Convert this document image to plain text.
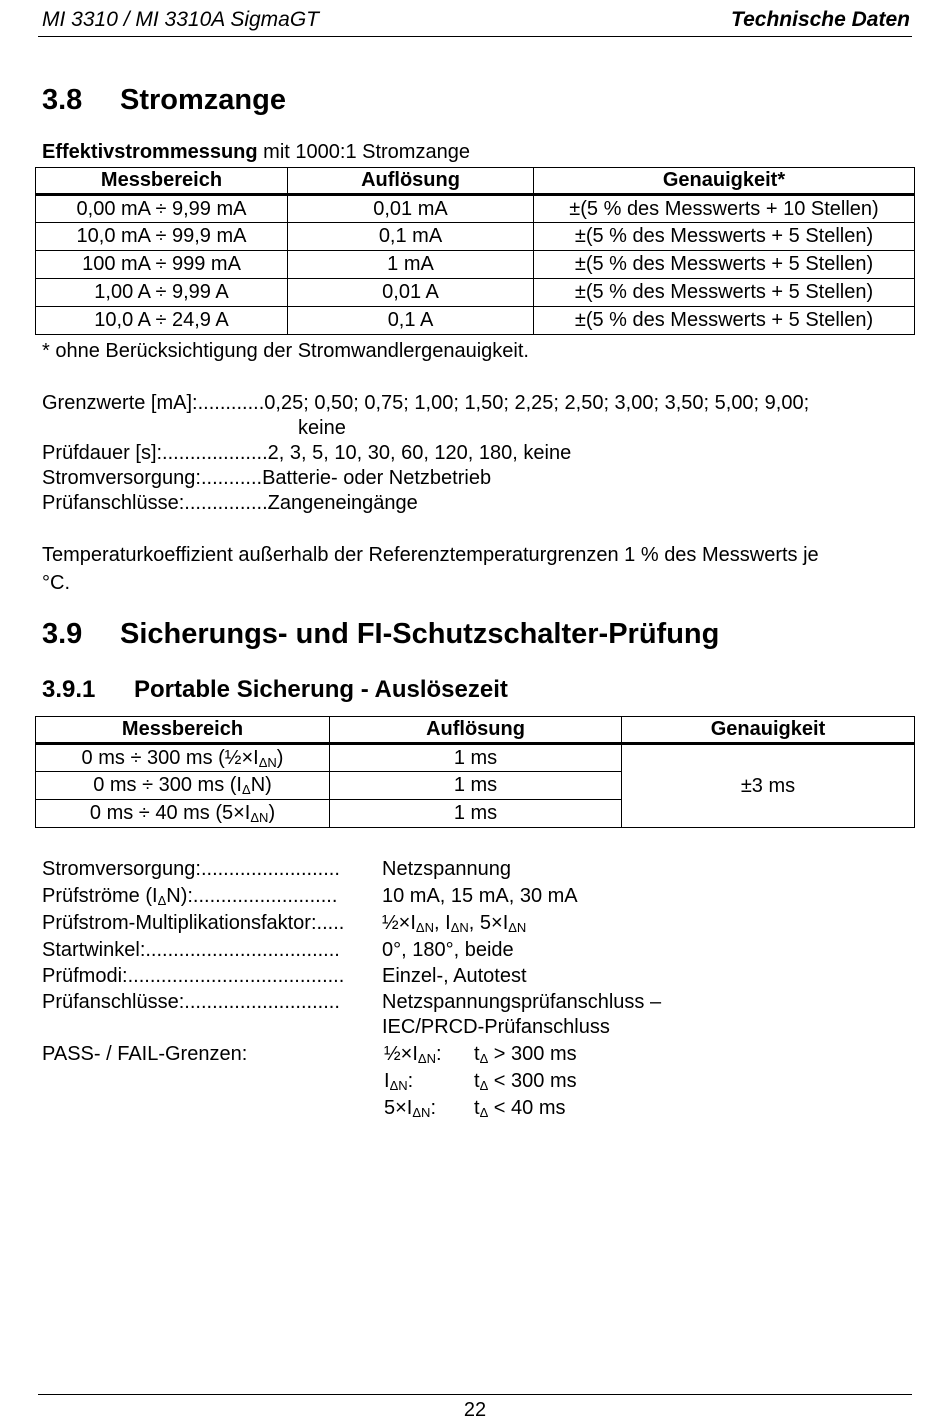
MI 3310 / MI 3310A SigmaGT	Technische Daten
3.8 Stromzange
Effektivstrommessung mit 1000:1 Stromzange
Messbereich	Auflösung	Genauigkeit*
0,00 mA ÷ 9,99 mA	0,01 mA	±(5 % des Messwerts + 10 Stellen)
10,0 mA ÷ 99,9 mA	0,1 mA	±(5 % des Messwerts + 5 Stellen)
100 mA ÷ 999 mA	1 mA	±(5 % des Messwerts + 5 Stellen)
1,00 A ÷ 9,99 A	0,01 A	±(5 % des Messwerts + 5 Stellen)
10,0 A ÷ 24,9 A	0,1 A	±(5 % des Messwerts + 5 Stellen)
* ohne Berücksichtigung der Stromwandlergenauigkeit.
Grenzwerte [mA]:............0,25; 0,50; 0,75; 1,00; 1,50; 2,25; 2,50; 3,00; 3,50; 5,00; 9,00;
keine
Prüfdauer [s]:...................2, 3, 5, 10, 30, 60, 120, 180, keine
Stromversorgung:...........Batterie- oder Netzbetrieb
Prüfanschlüsse:...............Zangeneingänge
Temperaturkoeffizient außerhalb der Referenztemperaturgrenzen 1 % des Messwerts je
°C.
3.9 Sicherungs- und FI-Schutzschalter-Prüfung
3.9.1 Portable Sicherung - Auslösezeit
Messbereich	Auflösung	Genauigkeit
0 ms ÷ 300 ms $(\frac{1}{2}\times I_{\Delta N})$	1 ms	±3 ms
0 ms ÷ 300 ms $(I_\Delta N)$	1 ms	
0 ms ÷ 40 ms $(5\times I_{\Delta N})$	1 ms	
Stromversorgung:......................... Netzspannung
Prüfströme $(I_\Delta N)$:.......................... 10 mA, 15 mA, 30 mA
Prüfstrom-Multiplikationsfaktor:..... $\frac{1}{2}\times I_{\Delta N}$, $I_{\Delta N}$, $5\times I_{\Delta N}$
Startwinkel:................................... 0°, 180°, beide
Prüfmodi:....................................... Einzel-, Autotest
Prüfanschlüsse:............................ Netzspannungsprüfanschluss –
IEC/PRCD-Prüfanschluss
PASS- / FAIL-Grenzen:	$\frac{1}{2}\times I_{\Delta N}$: $t_\Delta > 300$ ms
$I_{\Delta N}$:	$t_\Delta < 300$ ms
$5\times I_{\Delta N}$: $t_\Delta < 40$ ms
22
